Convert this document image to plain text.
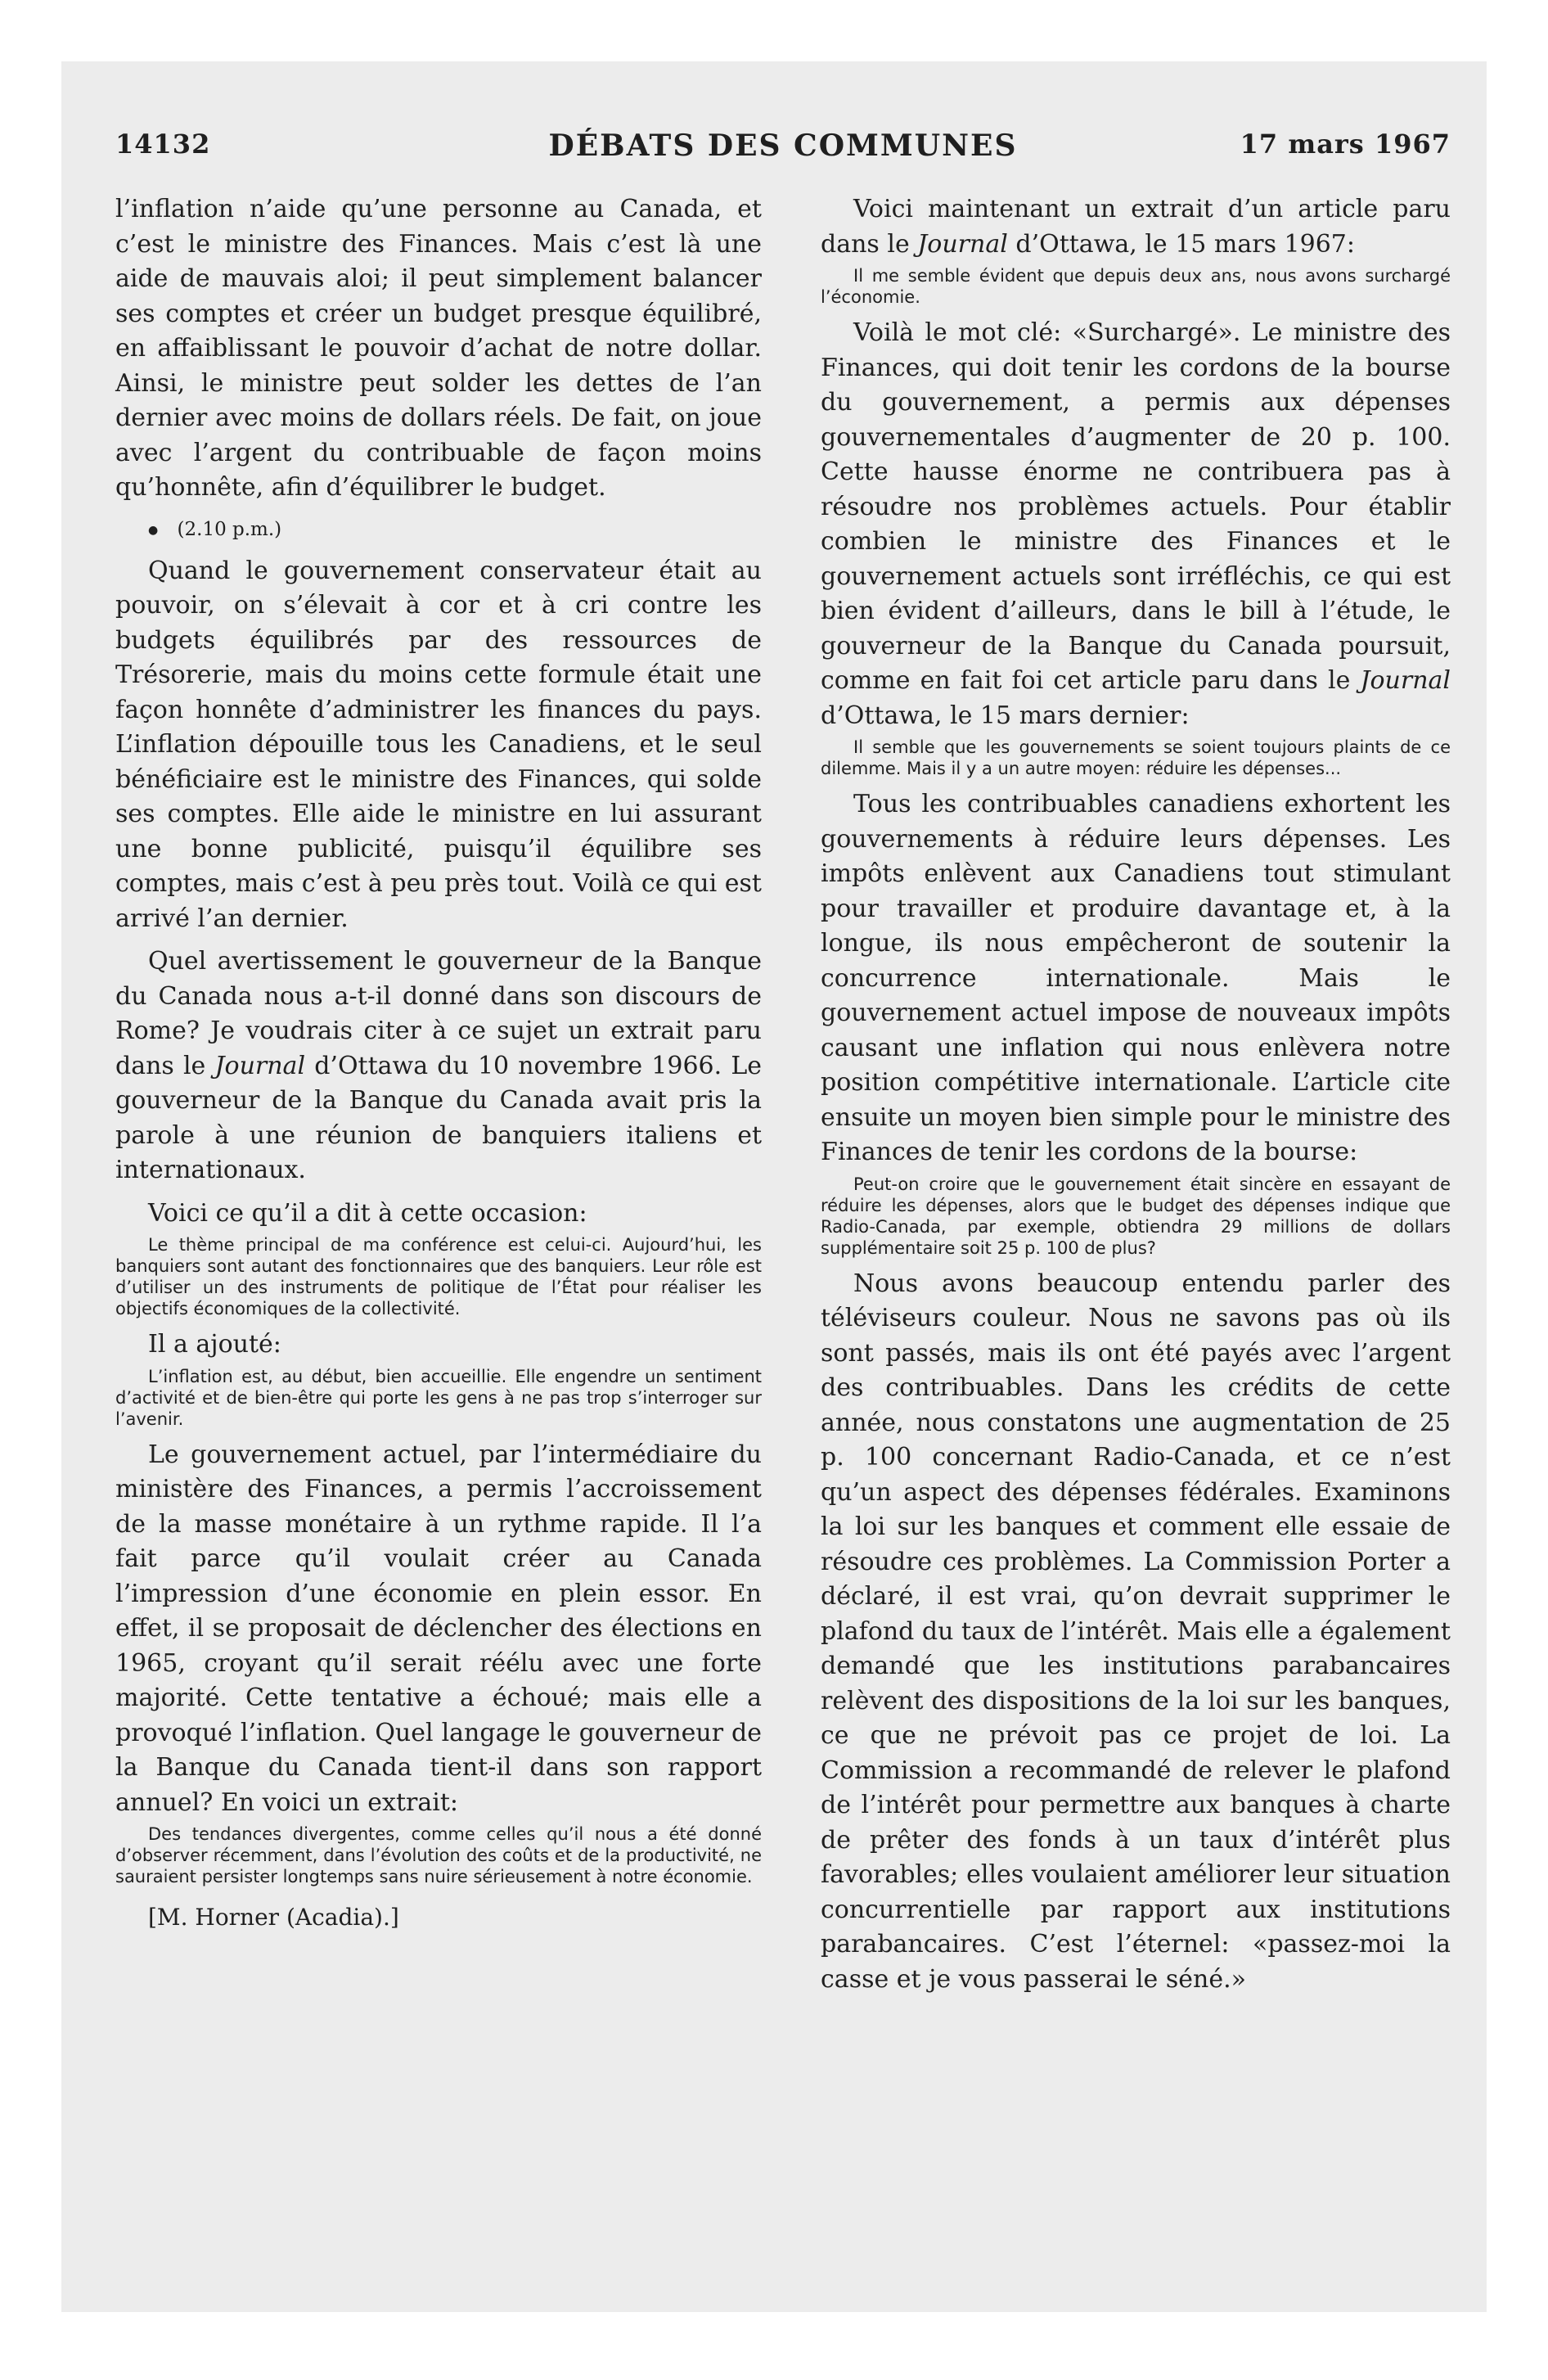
14132	DÉBATS DES COMMUNES	17 mars 1967

l’inflation n’aide qu’une personne au Canada, et c’est le ministre des Finances. Mais c’est là une aide de mauvais aloi; il peut simplement balancer ses comptes et créer un budget presque équilibré, en affaiblissant le pouvoir d’achat de notre dollar. Ainsi, le ministre peut solder les dettes de l’an dernier avec moins de dollars réels. De fait, on joue avec l’argent du contribuable de façon moins qu’honnête, afin d’équilibrer le budget.

● (2.10 p.m.)

Quand le gouvernement conservateur était au pouvoir, on s’élevait à cor et à cri contre les budgets équilibrés par des ressources de Trésorerie, mais du moins cette formule était une façon honnête d’administrer les finances du pays. L’inflation dépouille tous les Canadiens, et le seul bénéficiaire est le ministre des Finances, qui solde ses comptes. Elle aide le ministre en lui assurant une bonne publicité, puisqu’il équilibre ses comptes, mais c’est à peu près tout. Voilà ce qui est arrivé l’an dernier.

Quel avertissement le gouverneur de la Banque du Canada nous a-t-il donné dans son discours de Rome? Je voudrais citer à ce sujet un extrait paru dans le Journal d’Ottawa du 10 novembre 1966. Le gouverneur de la Banque du Canada avait pris la parole à une réunion de banquiers italiens et internationaux.

Voici ce qu’il a dit à cette occasion:

Le thème principal de ma conférence est celui-ci. Aujourd’hui, les banquiers sont autant des fonctionnaires que des banquiers. Leur rôle est d’utiliser un des instruments de politique de l’État pour réaliser les objectifs économiques de la collectivité.

Il a ajouté:

L’inflation est, au début, bien accueillie. Elle engendre un sentiment d’activité et de bien-être qui porte les gens à ne pas trop s’interroger sur l’avenir.

Le gouvernement actuel, par l’intermédiaire du ministère des Finances, a permis l’accroissement de la masse monétaire à un rythme rapide. Il l’a fait parce qu’il voulait créer au Canada l’impression d’une économie en plein essor. En effet, il se proposait de déclencher des élections en 1965, croyant qu’il serait réélu avec une forte majorité. Cette tentative a échoué; mais elle a provoqué l’inflation. Quel langage le gouverneur de la Banque du Canada tient-il dans son rapport annuel? En voici un extrait:

Des tendances divergentes, comme celles qu’il nous a été donné d’observer récemment, dans l’évolution des coûts et de la productivité, ne sauraient persister longtemps sans nuire sérieusement à notre économie.
[M. Horner (Acadia).]

Voici maintenant un extrait d’un article paru dans le Journal d’Ottawa, le 15 mars 1967:

Il me semble évident que depuis deux ans, nous avons surchargé l’économie.

Voilà le mot clé: «Surchargé». Le ministre des Finances, qui doit tenir les cordons de la bourse du gouvernement, a permis aux dépenses gouvernementales d’augmenter de 20 p. 100. Cette hausse énorme ne contribuera pas à résoudre nos problèmes actuels. Pour établir combien le ministre des Finances et le gouvernement actuels sont irréfléchis, ce qui est bien évident d’ailleurs, dans le bill à l’étude, le gouverneur de la Banque du Canada poursuit, comme en fait foi cet article paru dans le Journal d’Ottawa, le 15 mars dernier:

Il semble que les gouvernements se soient toujours plaints de ce dilemme. Mais il y a un autre moyen: réduire les dépenses...

Tous les contribuables canadiens exhortent les gouvernements à réduire leurs dépenses. Les impôts enlèvent aux Canadiens tout stimulant pour travailler et produire davantage et, à la longue, ils nous empêcheront de soutenir la concurrence internationale. Mais le gouvernement actuel impose de nouveaux impôts causant une inflation qui nous enlèvera notre position compétitive internationale. L’article cite ensuite un moyen bien simple pour le ministre des Finances de tenir les cordons de la bourse:

Peut-on croire que le gouvernement était sincère en essayant de réduire les dépenses, alors que le budget des dépenses indique que Radio-Canada, par exemple, obtiendra 29 millions de dollars supplémentaire soit 25 p. 100 de plus?

Nous avons beaucoup entendu parler des téléviseurs couleur. Nous ne savons pas où ils sont passés, mais ils ont été payés avec l’argent des contribuables. Dans les crédits de cette année, nous constatons une augmentation de 25 p. 100 concernant Radio-Canada, et ce n’est qu’un aspect des dépenses fédérales. Examinons la loi sur les banques et comment elle essaie de résoudre ces problèmes. La Commission Porter a déclaré, il est vrai, qu’on devrait supprimer le plafond du taux de l’intérêt. Mais elle a également demandé que les institutions parabancaires relèvent des dispositions de la loi sur les banques, ce que ne prévoit pas ce projet de loi. La Commission a recommandé de relever le plafond de l’intérêt pour permettre aux banques à charte de prêter des fonds à un taux d’intérêt plus favorables; elles voulaient améliorer leur situation concurrentielle par rapport aux institutions parabancaires. C’est l’éternel: «passez-moi la casse et je vous passerai le séné.»
